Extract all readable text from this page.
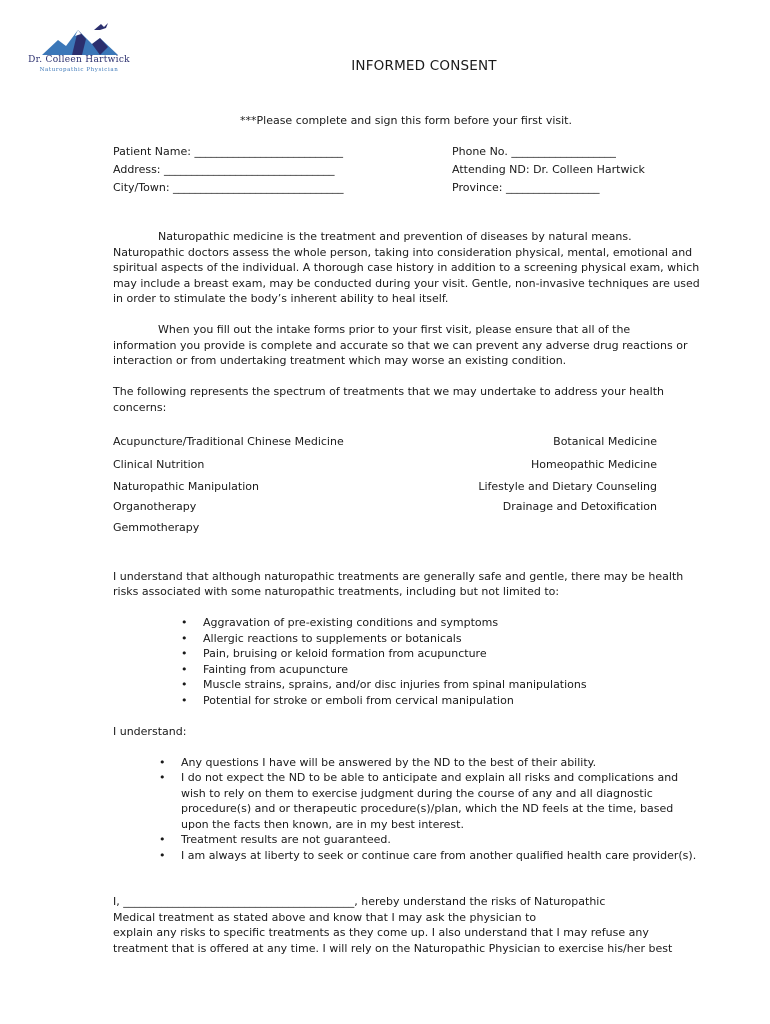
Dr. Colleen Hartwick
Naturopathic Physician	INFORMED CONSENT
***Please complete and sign this form before your first visit.
Patient Name: ___________________________
Address: _______________________________
City/Town: _______________________________
Phone No. ___________________
Attending ND: Dr. Colleen Hartwick
Province: _________________
Naturopathic medicine is the treatment and prevention of diseases by natural means.
Naturopathic doctors assess the whole person, taking into consideration physical, mental, emotional and
spiritual aspects of the individual. A thorough case history in addition to a screening physical exam, which
may include a breast exam, may be conducted during your visit. Gentle, non-invasive techniques are used
in order to stimulate the body’s inherent ability to heal itself.
When you fill out the intake forms prior to your first visit, please ensure that all of the
information you provide is complete and accurate so that we can prevent any adverse drug reactions or
interaction or from undertaking treatment which may worse an existing condition.
The following represents the spectrum of treatments that we may undertake to address your health
concerns:
Acupuncture/Traditional Chinese Medicine
Clinical Nutrition
Naturopathic Manipulation
Organotherapy
Gemmotherapy
Botanical Medicine
Homeopathic Medicine
Lifestyle and Dietary Counseling
Drainage and Detoxification
I understand that although naturopathic treatments are generally safe and gentle, there may be health
risks associated with some naturopathic treatments, including but not limited to:
• Aggravation of pre-existing conditions and symptoms
• Allergic reactions to supplements or botanicals
• Pain, bruising or keloid formation from acupuncture
• Fainting from acupuncture
• Muscle strains, sprains, and/or disc injuries from spinal manipulations
• Potential for stroke or emboli from cervical manipulation
I understand:
• Any questions I have will be answered by the ND to the best of their ability.
• I do not expect the ND to be able to anticipate and explain all risks and complications and
wish to rely on them to exercise judgment during the course of any and all diagnostic
procedure(s) and or therapeutic procedure(s)/plan, which the ND feels at the time, based
upon the facts then known, are in my best interest.
• Treatment results are not guaranteed.
• I am always at liberty to seek or continue care from another qualified health care provider(s).
I, __________________________________________, hereby understand the risks of Naturopathic
Medical treatment as stated above and know that I may ask the physician to
explain any risks to specific treatments as they come up. I also understand that I may refuse any
treatment that is offered at any time. I will rely on the Naturopathic Physician to exercise his/her best
